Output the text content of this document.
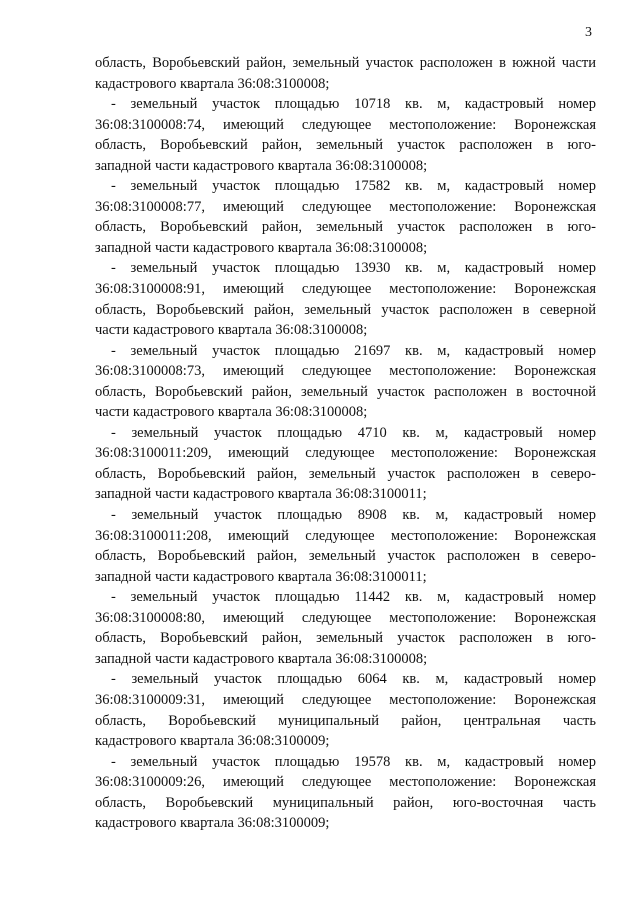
3
область, Воробьевский район, земельный участок расположен в южной части
кадастрового квартала 36:08:3100008;
- земельный участок площадью 10718 кв. м, кадастровый номер
36:08:3100008:74, имеющий следующее местоположение: Воронежская
область, Воробьевский район, земельный участок расположен в юго-
западной части кадастрового квартала 36:08:3100008;
- земельный участок площадью 17582 кв. м, кадастровый номер
36:08:3100008:77, имеющий следующее местоположение: Воронежская
область, Воробьевский район, земельный участок расположен в юго-
западной части кадастрового квартала 36:08:3100008;
- земельный участок площадью 13930 кв. м, кадастровый номер
36:08:3100008:91, имеющий следующее местоположение: Воронежская
область, Воробьевский район, земельный участок расположен в северной
части кадастрового квартала 36:08:3100008;
- земельный участок площадью 21697 кв. м, кадастровый номер
36:08:3100008:73, имеющий следующее местоположение: Воронежская
область, Воробьевский район, земельный участок расположен в восточной
части кадастрового квартала 36:08:3100008;
- земельный участок площадью 4710 кв. м, кадастровый номер
36:08:3100011:209, имеющий следующее местоположение: Воронежская
область, Воробьевский район, земельный участок расположен в северо-
западной части кадастрового квартала 36:08:3100011;
- земельный участок площадью 8908 кв. м, кадастровый номер
36:08:3100011:208, имеющий следующее местоположение: Воронежская
область, Воробьевский район, земельный участок расположен в северо-
западной части кадастрового квартала 36:08:3100011;
- земельный участок площадью 11442 кв. м, кадастровый номер
36:08:3100008:80, имеющий следующее местоположение: Воронежская
область, Воробьевский район, земельный участок расположен в юго-
западной части кадастрового квартала 36:08:3100008;
- земельный участок площадью 6064 кв. м, кадастровый номер
36:08:3100009:31, имеющий следующее местоположение: Воронежская
область, Воробьевский муниципальный район, центральная часть
кадастрового квартала 36:08:3100009;
- земельный участок площадью 19578 кв. м, кадастровый номер
36:08:3100009:26, имеющий следующее местоположение: Воронежская
область, Воробьевский муниципальный район, юго-восточная часть
кадастрового квартала 36:08:3100009;
